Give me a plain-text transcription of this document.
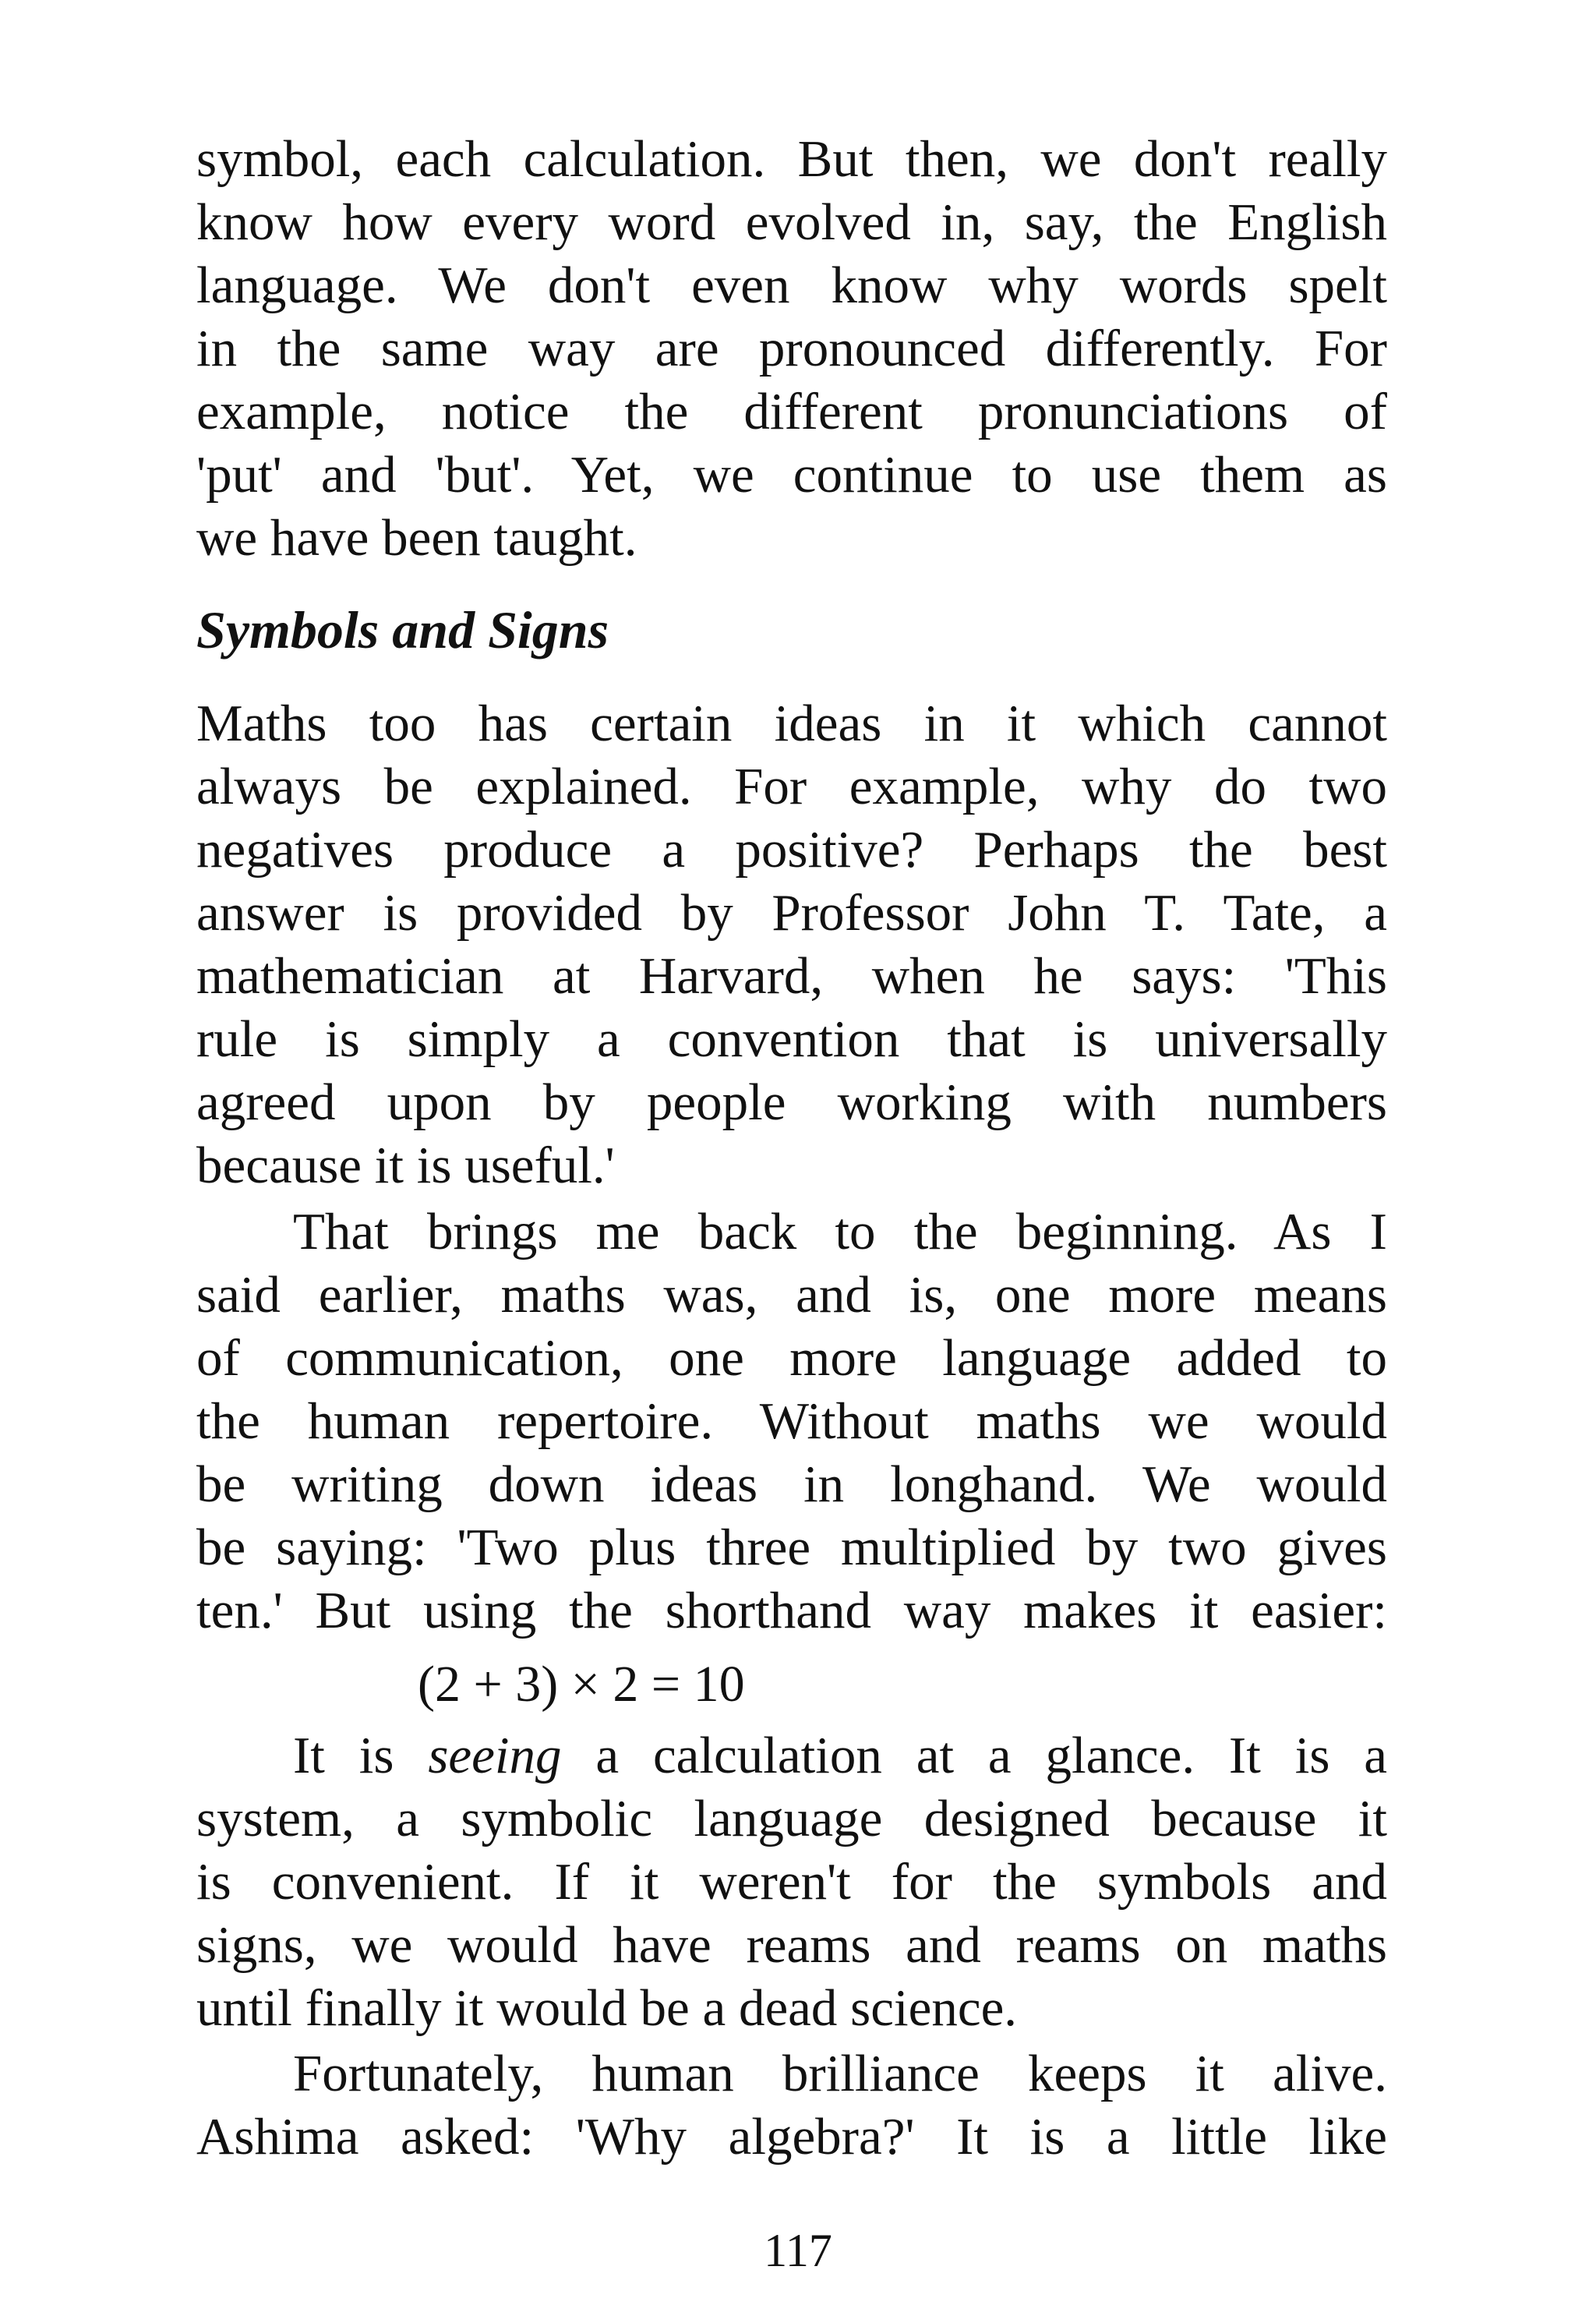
symbol, each calculation. But then, we don't really
know how every word evolved in, say, the English
language. We don't even know why words spelt
in the same way are pronounced differently. For
example, notice the different pronunciations of
'put' and 'but'. Yet, we continue to use them as
we have been taught.

Symbols and Signs

Maths too has certain ideas in it which cannot
always be explained. For example, why do two
negatives produce a positive? Perhaps the best
answer is provided by Professor John T. Tate, a
mathematician at Harvard, when he says: 'This
rule is simply a convention that is universally
agreed upon by people working with numbers
because it is useful.'

That brings me back to the beginning. As I
said earlier, maths was, and is, one more means
of communication, one more language added to
the human repertoire. Without maths we would
be writing down ideas in longhand. We would
be saying: 'Two plus three multiplied by two gives
ten.' But using the shorthand way makes it easier:

(2 + 3) × 2 = 10

It is seeing a calculation at a glance. It is a
system, a symbolic language designed because it
is convenient. If it weren't for the symbols and
signs, we would have reams and reams on maths
until finally it would be a dead science.

Fortunately, human brilliance keeps it alive.
Ashima asked: 'Why algebra?' It is a little like

117
